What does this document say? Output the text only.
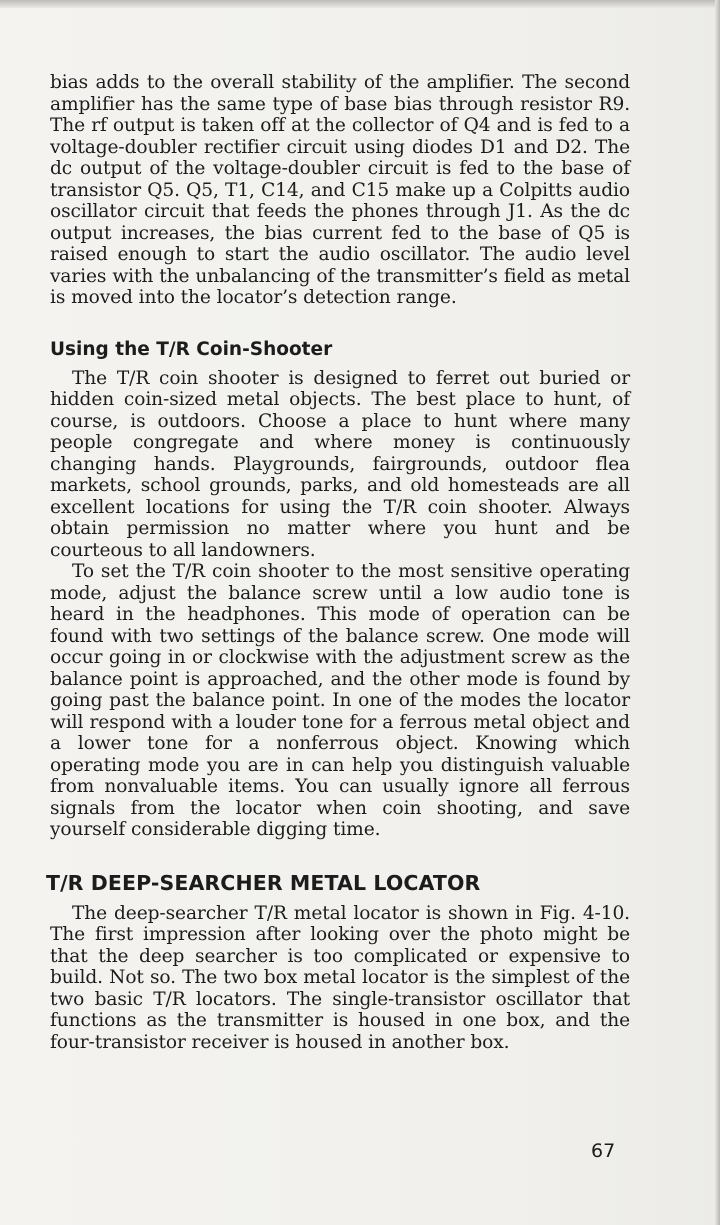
bias adds to the overall stability of the amplifier. The second amplifier has the same type of base bias through resistor R9. The rf output is taken off at the collector of Q4 and is fed to a voltage-doubler rectifier circuit using diodes D1 and D2. The dc output of the voltage-doubler circuit is fed to the base of transistor Q5. Q5, T1, C14, and C15 make up a Colpitts audio oscillator circuit that feeds the phones through J1. As the dc output increases, the bias current fed to the base of Q5 is raised enough to start the audio oscillator. The audio level varies with the unbalancing of the transmitter’s field as metal is moved into the locator’s detection range.

Using the T/R Coin-Shooter

The T/R coin shooter is designed to ferret out buried or hidden coin-sized metal objects. The best place to hunt, of course, is outdoors. Choose a place to hunt where many people congregate and where money is continuously changing hands. Playgrounds, fairgrounds, outdoor flea markets, school grounds, parks, and old homesteads are all excellent locations for using the T/R coin shooter. Always obtain permission no matter where you hunt and be courteous to all landowners.

To set the T/R coin shooter to the most sensitive operating mode, adjust the balance screw until a low audio tone is heard in the headphones. This mode of operation can be found with two settings of the balance screw. One mode will occur going in or clockwise with the adjustment screw as the balance point is approached, and the other mode is found by going past the balance point. In one of the modes the locator will respond with a louder tone for a ferrous metal object and a lower tone for a nonferrous object. Knowing which operating mode you are in can help you distinguish valuable from nonvaluable items. You can usually ignore all ferrous signals from the locator when coin shooting, and save yourself considerable digging time.

T/R DEEP-SEARCHER METAL LOCATOR

The deep-searcher T/R metal locator is shown in Fig. 4-10. The first impression after looking over the photo might be that the deep searcher is too complicated or expensive to build. Not so. The two box metal locator is the simplest of the two basic T/R locators. The single-transistor oscillator that functions as the transmitter is housed in one box, and the four-transistor receiver is housed in another box.

67
